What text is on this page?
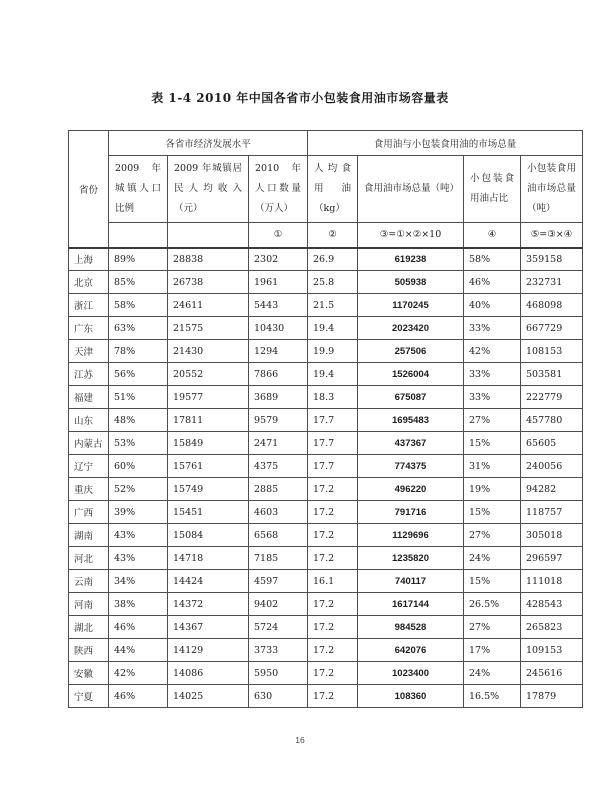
表 1-4 2010 年中国各省市小包装食用油市场容量表
省份	各省市经济发展水平			食用油与小包装食用油的市场总量			
	2009 年城镇人口比例	2009 年城镇居民人均收入（元）	2010 年人口数量（万人）	人均食用油（kg）	食用油市场总量（吨）	小包装食用油占比	小包装食用油市场总量（吨）
			①	②	③=①×②×10	④	⑤=③×④
上海	89%	28838	2302	26.9	619238	58%	359158
北京	85%	26738	1961	25.8	505938	46%	232731
浙江	58%	24611	5443	21.5	1170245	40%	468098
广东	63%	21575	10430	19.4	2023420	33%	667729
天津	78%	21430	1294	19.9	257506	42%	108153
江苏	56%	20552	7866	19.4	1526004	33%	503581
福建	51%	19577	3689	18.3	675087	33%	222779
山东	48%	17811	9579	17.7	1695483	27%	457780
内蒙古	53%	15849	2471	17.7	437367	15%	65605
辽宁	60%	15761	4375	17.7	774375	31%	240056
重庆	52%	15749	2885	17.2	496220	19%	94282
广西	39%	15451	4603	17.2	791716	15%	118757
湖南	43%	15084	6568	17.2	1129696	27%	305018
河北	43%	14718	7185	17.2	1235820	24%	296597
云南	34%	14424	4597	16.1	740117	15%	111018
河南	38%	14372	9402	17.2	1617144	26.5%	428543
湖北	46%	14367	5724	17.2	984528	27%	265823
陕西	44%	14129	3733	17.2	642076	17%	109153
安徽	42%	14086	5950	17.2	1023400	24%	245616
宁夏	46%	14025	630	17.2	108360	16.5%	17879
16
